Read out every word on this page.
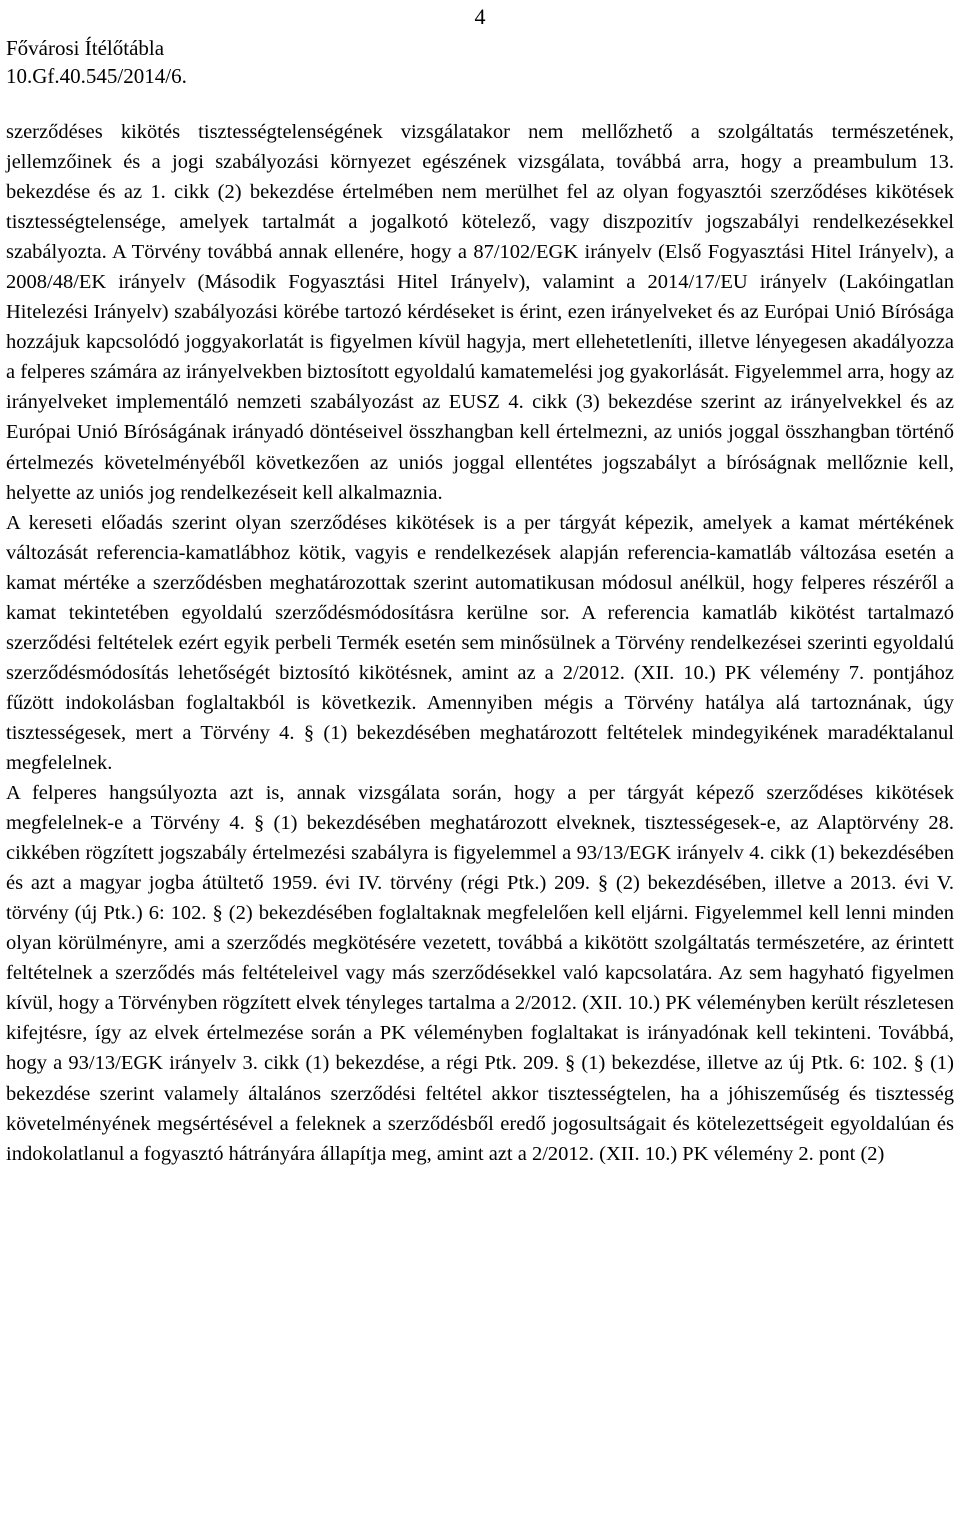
4
Fővárosi Ítélőtábla
10.Gf.40.545/2014/6.

szerződéses kikötés tisztességtelenségének vizsgálatakor nem mellőzhető a szolgáltatás természetének, jellemzőinek és a jogi szabályozási környezet egészének vizsgálata, továbbá arra, hogy a preambulum 13. bekezdése és az 1. cikk (2) bekezdése értelmében nem merülhet fel az olyan fogyasztói szerződéses kikötések tisztességtelensége, amelyek tartalmát a jogalkotó kötelező, vagy diszpozitív jogszabályi rendelkezésekkel szabályozta. A Törvény továbbá annak ellenére, hogy a 87/102/EGK irányelv (Első Fogyasztási Hitel Irányelv), a 2008/48/EK irányelv (Második Fogyasztási Hitel Irányelv), valamint a 2014/17/EU irányelv (Lakóingatlan Hitelezési Irányelv) szabályozási körébe tartozó kérdéseket is érint, ezen irányelveket és az Európai Unió Bírósága hozzájuk kapcsolódó joggyakorlatát is figyelmen kívül hagyja, mert ellehetetleníti, illetve lényegesen akadályozza a felperes számára az irányelvekben biztosított egyoldalú kamatemelési jog gyakorlását. Figyelemmel arra, hogy az irányelveket implementáló nemzeti szabályozást az EUSZ 4. cikk (3) bekezdése szerint az irányelvekkel és az Európai Unió Bíróságának irányadó döntéseivel összhangban kell értelmezni, az uniós joggal összhangban történő értelmezés követelményéből következően az uniós joggal ellentétes jogszabályt a bíróságnak mellőznie kell, helyette az uniós jog rendelkezéseit kell alkalmaznia.

A kereseti előadás szerint olyan szerződéses kikötések is a per tárgyát képezik, amelyek a kamat mértékének változását referencia-kamatlábhoz kötik, vagyis e rendelkezések alapján referencia-kamatláb változása esetén a kamat mértéke a szerződésben meghatározottak szerint automatikusan módosul anélkül, hogy felperes részéről a kamat tekintetében egyoldalú szerződésmódosításra kerülne sor. A referencia kamatláb kikötést tartalmazó szerződési feltételek ezért egyik perbeli Termék esetén sem minősülnek a Törvény rendelkezései szerinti egyoldalú szerződésmódosítás lehetőségét biztosító kikötésnek, amint az a 2/2012. (XII. 10.) PK vélemény 7. pontjához fűzött indokolásban foglaltakból is következik. Amennyiben mégis a Törvény hatálya alá tartoznának, úgy tisztességesek, mert a Törvény 4. § (1) bekezdésében meghatározott feltételek mindegyikének maradéktalanul megfelelnek.

A felperes hangsúlyozta azt is, annak vizsgálata során, hogy a per tárgyát képező szerződéses kikötések megfelelnek-e a Törvény 4. § (1) bekezdésében meghatározott elveknek, tisztességesek-e, az Alaptörvény 28. cikkében rögzített jogszabály értelmezési szabályra is figyelemmel a 93/13/EGK irányelv 4. cikk (1) bekezdésében és azt a magyar jogba átültető 1959. évi IV. törvény (régi Ptk.) 209. § (2) bekezdésében, illetve a 2013. évi V. törvény (új Ptk.) 6: 102. § (2) bekezdésében foglaltaknak megfelelően kell eljárni. Figyelemmel kell lenni minden olyan körülményre, ami a szerződés megkötésére vezetett, továbbá a kikötött szolgáltatás természetére, az érintett feltételnek a szerződés más feltételeivel vagy más szerződésekkel való kapcsolatára. Az sem hagyható figyelmen kívül, hogy a Törvényben rögzített elvek tényleges tartalma a 2/2012. (XII. 10.) PK véleményben került részletesen kifejtésre, így az elvek értelmezése során a PK véleményben foglaltakat is irányadónak kell tekinteni. Továbbá, hogy a 93/13/EGK irányelv 3. cikk (1) bekezdése, a régi Ptk. 209. § (1) bekezdése, illetve az új Ptk. 6: 102. § (1) bekezdése szerint valamely általános szerződési feltétel akkor tisztességtelen, ha a jóhiszeműség és tisztesség követelményének megsértésével a feleknek a szerződésből eredő jogosultságait és kötelezettségeit egyoldalúan és indokolatlanul a fogyasztó hátrányára állapítja meg, amint azt a 2/2012. (XII. 10.) PK vélemény 2. pont (2)
